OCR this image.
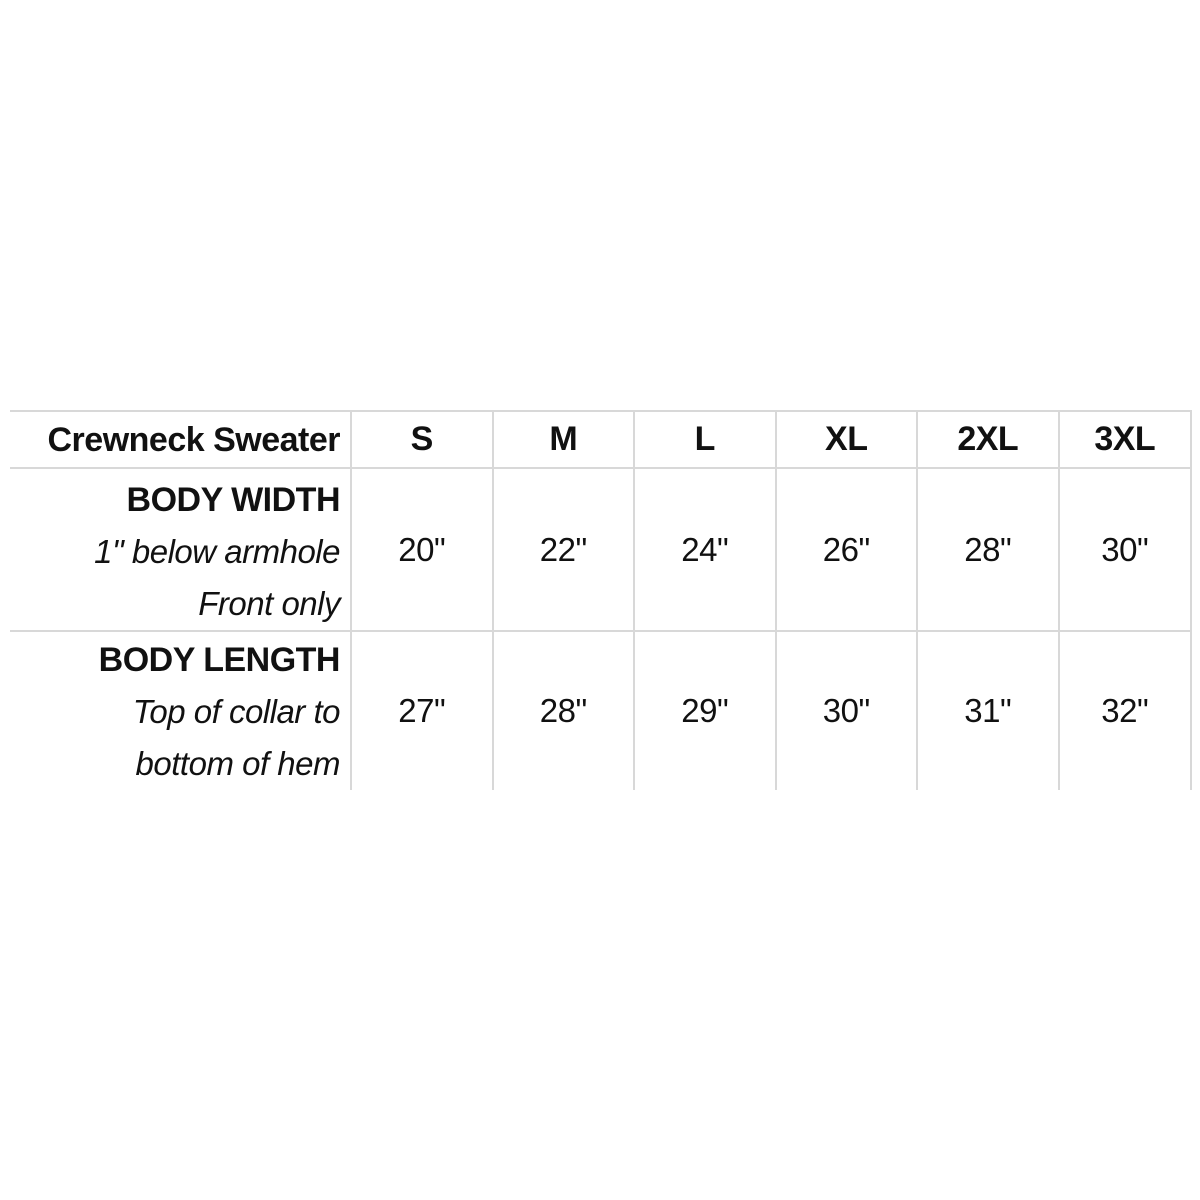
Crewneck Sweater	S	M	L	XL	2XL	3XL
BODY WIDTH
1" below armhole
Front only
20"	22"	24"	26"	28"	30"
BODY LENGTH
Top of collar to
bottom of hem
27"	28"	29"	30"	31"	32"
